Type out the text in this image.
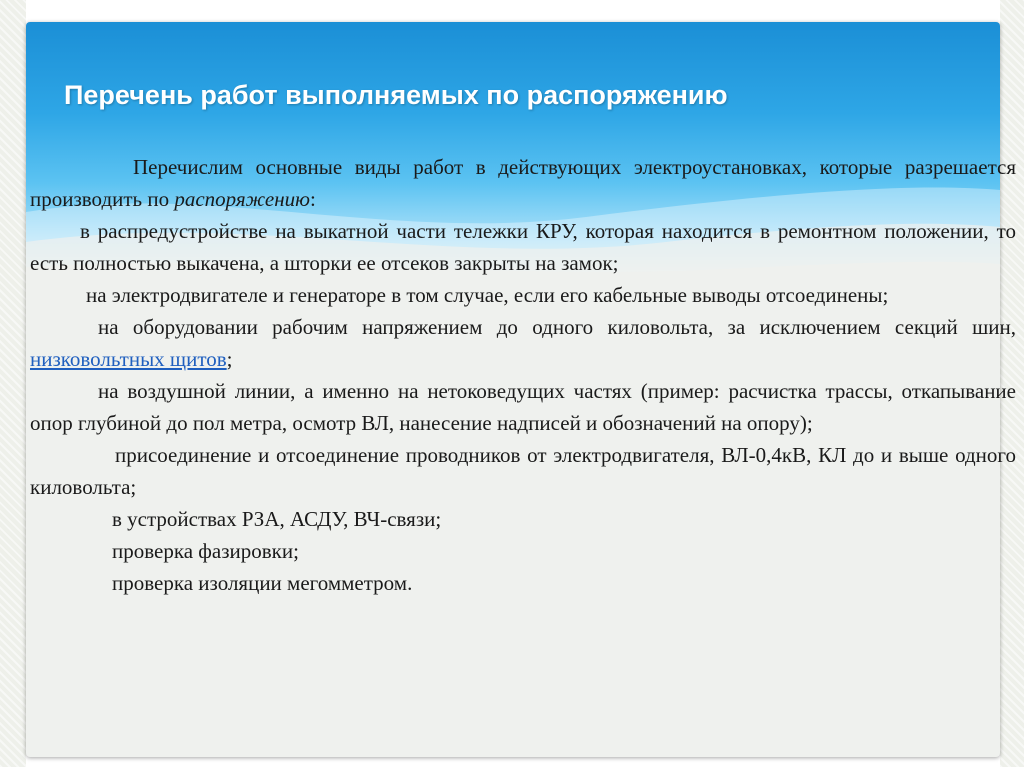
Перечень работ выполняемых по распоряжению

Перечислим основные виды работ в действующих электроустановках, которые разрешается производить по распоряжению:

в распредустройстве на выкатной части тележки КРУ, которая находится в ремонтном положении, то есть полностью выкачена, а шторки ее отсеков закрыты на замок;

на электродвигателе и генераторе в том случае, если его кабельные выводы отсоединены;

на оборудовании рабочим напряжением до одного киловольта, за исключением секций шин, низковольтных щитов;

на воздушной линии, а именно на нетоковедущих частях (пример: расчистка трассы, откапывание опор глубиной до пол метра, осмотр ВЛ, нанесение надписей и обозначений на опору);

присоединение и отсоединение проводников от электродвигателя, ВЛ-0,4кВ, КЛ до и выше одного киловольта;

в устройствах РЗА, АСДУ, ВЧ-связи;

проверка фазировки;

проверка изоляции мегомметром.
